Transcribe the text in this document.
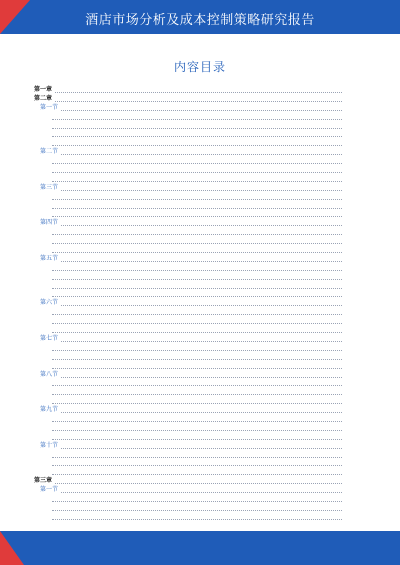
酒店市场分析及成本控制策略研究报告
内容目录
第一章
第二章
第一节
第二节
第三节
第四节
第五节
第六节
第七节
第八节
第九节
第十节
第三章
第一节
